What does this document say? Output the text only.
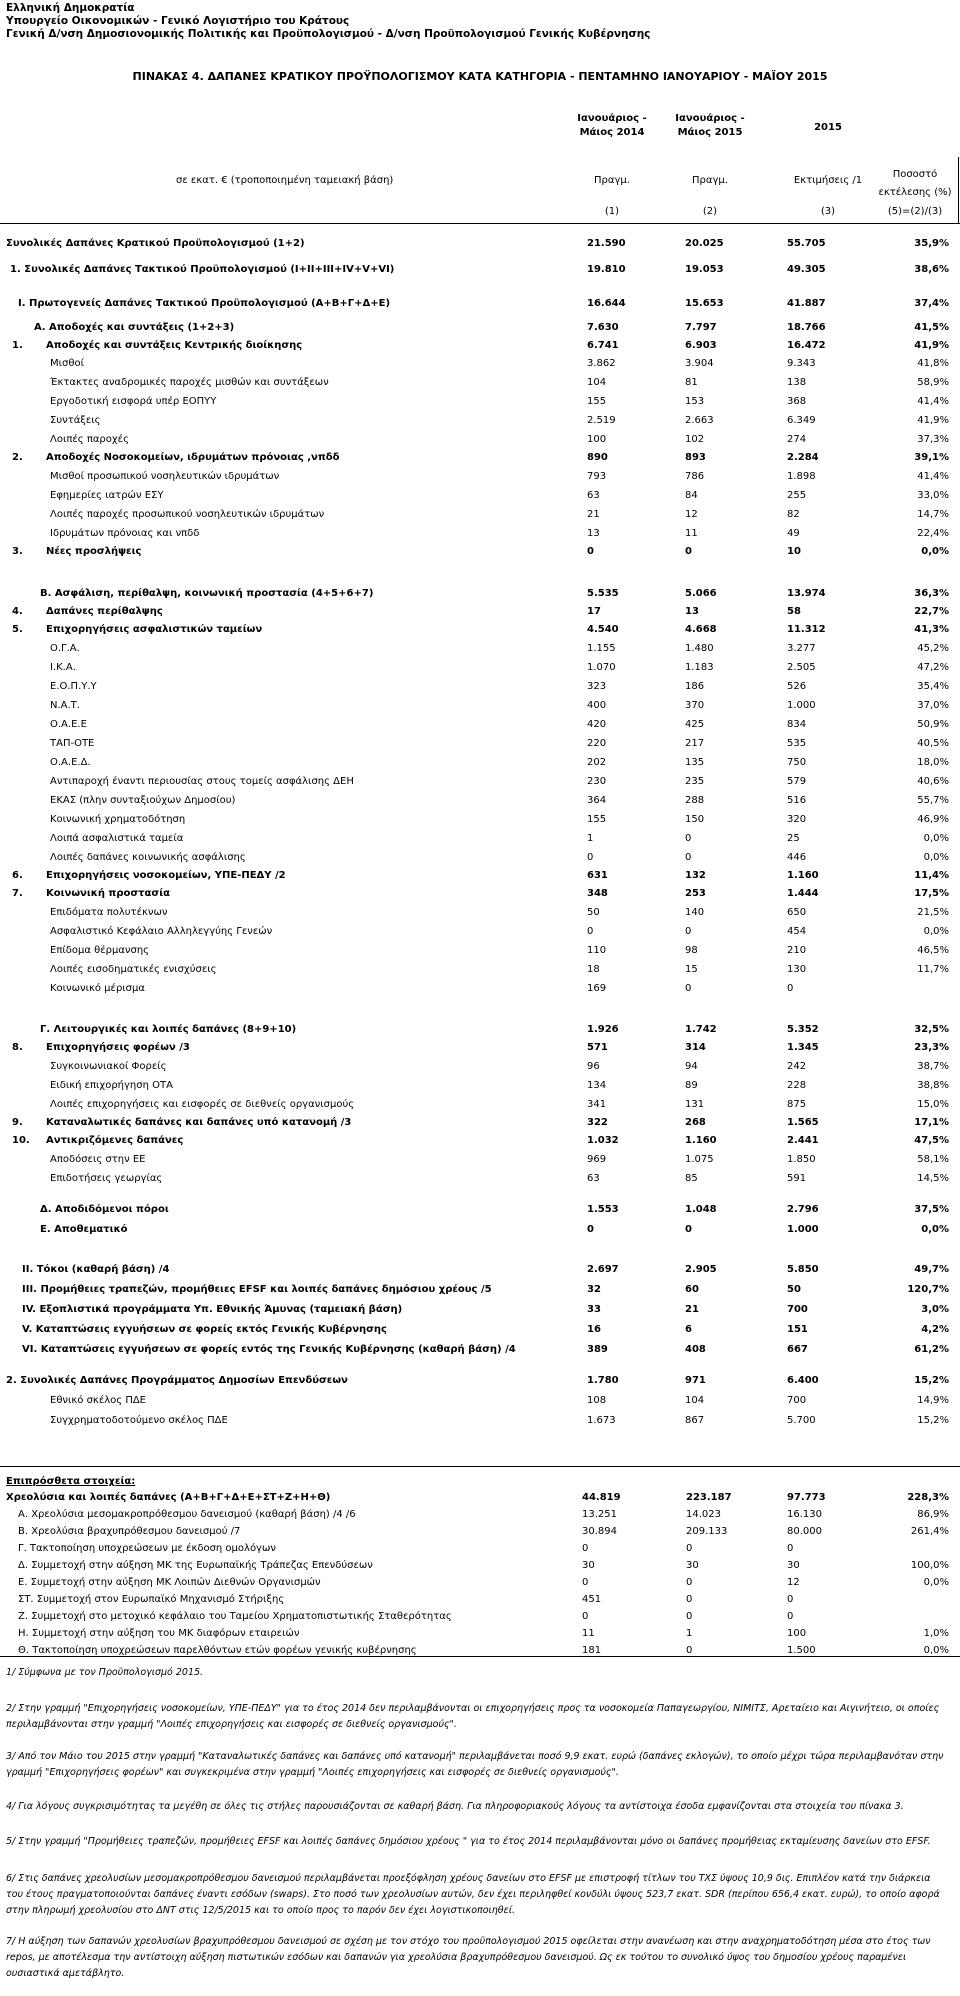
Ελληνική Δημοκρατία
Υπουργείο Οικονομικών - Γενικό Λογιστήριο του Κράτους
Γενική Δ/νση Δημοσιονομικής Πολιτικής και Προϋπολογισμού - Δ/νση Προϋπολογισμού Γενικής Κυβέρνησης
ΠΙΝΑΚΑΣ 4. ΔΑΠΑΝΕΣ ΚΡΑΤΙΚΟΥ ΠΡΟΫΠΟΛΟΓΙΣΜΟΥ ΚΑΤΑ ΚΑΤΗΓΟΡΙΑ - ΠΕΝΤΑΜΗΝΟ ΙΑΝΟΥΑΡΙΟΥ - ΜΑΪΟΥ 2015
Ιανουάριος -
Μάιος 2014
Ιανουάριος -
Μάιος 2015	2015
σε εκατ. € (τροποποιημένη ταμειακή βάση)	Πραγμ.	Πραγμ.	Εκτιμήσεις /1
Ποσοστό
εκτέλεσης (%)
(1)	(2)	(3)	(5)=(2)/(3)
Συνολικές Δαπάνες Κρατικού Προϋπολογισμού (1+2)	21.590	20.025	55.705	35,9%
1. Συνολικές Δαπάνες Τακτικού Προϋπολογισμού (I+II+III+IV+V+VI)	19.810	19.053	49.305	38,6%
I. Πρωτογενείς Δαπάνες Τακτικού Προϋπολογισμού (Α+Β+Γ+Δ+Ε)	16.644	15.653	41.887	37,4%
Α. Αποδοχές και συντάξεις (1+2+3)	7.630	7.797	18.766	41,5%
1. Αποδοχές και συντάξεις Κεντρικής διοίκησης	6.741	6.903	16.472	41,9%
Μισθοί	3.862	3.904	9.343	41,8%
Έκτακτες αναδρομικές παροχές μισθών και συντάξεων	104	81	138	58,9%
Εργοδοτική εισφορά υπέρ ΕΟΠΥΥ	155	153	368	41,4%
Συντάξεις	2.519	2.663	6.349	41,9%
Λοιπές παροχές	100	102	274	37,3%
2. Αποδοχές Νοσοκομείων, ιδρυμάτων πρόνοιας ,νπδδ	890	893	2.284	39,1%
Μισθοί προσωπικού νοσηλευτικών ιδρυμάτων	793	786	1.898	41,4%
Εφημερίες ιατρών ΕΣΥ	63	84	255	33,0%
Λοιπές παροχές προσωπικού νοσηλευτικών ιδρυμάτων	21	12	82	14,7%
Ιδρυμάτων πρόνοιας και νπδδ	13	11	49	22,4%
3. Νέες προσλήψεις	0	0	10	0,0%
Β. Ασφάλιση, περίθαλψη, κοινωνική προστασία (4+5+6+7)	5.535	5.066	13.974	36,3%
4. Δαπάνες περίθαλψης	17	13	58	22,7%
5. Επιχορηγήσεις ασφαλιστικών ταμείων	4.540	4.668	11.312	41,3%
Ο.Γ.Α.	1.155	1.480	3.277	45,2%
Ι.Κ.Α.	1.070	1.183	2.505	47,2%
Ε.Ο.Π.Υ.Υ	323	186	526	35,4%
Ν.Α.Τ.	400	370	1.000	37,0%
Ο.Α.Ε.Ε	420	425	834	50,9%
ΤΑΠ-ΟΤΕ	220	217	535	40,5%
Ο.Α.Ε.Δ.	202	135	750	18,0%
Αντιπαροχή έναντι περιουσίας στους τομείς ασφάλισης ΔΕΗ	230	235	579	40,6%
ΕΚΑΣ (πλην συνταξιούχων Δημοσίου)	364	288	516	55,7%
Κοινωνική χρηματοδότηση	155	150	320	46,9%
Λοιπά ασφαλιστικά ταμεία	1	0	25	0,0%
Λοιπές δαπάνες κοινωνικής ασφάλισης	0	0	446	0,0%
6. Επιχορηγήσεις νοσοκομείων, ΥΠΕ-ΠΕΔΥ /2	631	132	1.160	11,4%
7. Κοινωνική προστασία	348	253	1.444	17,5%
Επιδόματα πολυτέκνων	50	140	650	21,5%
Ασφαλιστικό Κεφάλαιο Αλληλεγγύης Γενεών	0	0	454	0,0%
Επίδομα θέρμανσης	110	98	210	46,5%
Λοιπές εισοδηματικές ενισχύσεις	18	15	130	11,7%
Κοινωνικό μέρισμα	169	0	0
Γ. Λειτουργικές και λοιπές δαπάνες (8+9+10)	1.926	1.742	5.352	32,5%
8. Επιχορηγήσεις φορέων /3	571	314	1.345	23,3%
Συγκοινωνιακοί Φορείς	96	94	242	38,7%
Ειδική επιχορήγηση ΟΤΑ	134	89	228	38,8%
Λοιπές επιχορηγήσεις και εισφορές σε διεθνείς οργανισμούς	341	131	875	15,0%
9. Καταναλωτικές δαπάνες και δαπάνες υπό κατανομή /3	322	268	1.565	17,1%
10. Αντικριζόμενες δαπάνες	1.032	1.160	2.441	47,5%
Αποδόσεις στην ΕΕ	969	1.075	1.850	58,1%
Επιδοτήσεις γεωργίας	63	85	591	14,5%
Δ. Αποδιδόμενοι πόροι	1.553	1.048	2.796	37,5%
Ε. Αποθεματικό	0	0	1.000	0,0%
II. Τόκοι (καθαρή βάση) /4	2.697	2.905	5.850	49,7%
III. Προμήθειες τραπεζών, προμήθειες EFSF και λοιπές δαπάνες δημόσιου χρέους /5	32	60	50	120,7%
IV. Εξοπλιστικά προγράμματα Υπ. Εθνικής Άμυνας (ταμειακή βάση)	33	21	700	3,0%
V. Καταπτώσεις εγγυήσεων σε φορείς εκτός Γενικής Κυβέρνησης	16	6	151	4,2%
VI. Καταπτώσεις εγγυήσεων σε φορείς εντός της Γενικής Κυβέρνησης (καθαρή βάση) /4	389	408	667	61,2%
2. Συνολικές Δαπάνες Προγράμματος Δημοσίων Επενδύσεων	1.780	971	6.400	15,2%
Εθνικό σκέλος ΠΔΕ	108	104	700	14,9%
Συγχρηματοδοτούμενο σκέλος ΠΔΕ	1.673	867	5.700	15,2%
Επιπρόσθετα στοιχεία:
Χρεολύσια και λοιπές δαπάνες (Α+Β+Γ+Δ+Ε+ΣΤ+Ζ+Η+Θ)	44.819	223.187	97.773	228,3%
Α. Χρεολύσια μεσομακροπρόθεσμου δανεισμού (καθαρή βάση) /4 /6	13.251	14.023	16.130	86,9%
Β. Χρεολύσια βραχυπρόθεσμου δανεισμού /7	30.894	209.133	80.000	261,4%
Γ. Τακτοποίηση υποχρεώσεων με έκδοση ομολόγων	0	0	0
Δ. Συμμετοχή στην αύξηση ΜΚ της Ευρωπαϊκής Τράπεζας Επενδύσεων	30	30	30	100,0%
Ε. Συμμετοχή στην αύξηση ΜΚ Λοιπών Διεθνών Οργανισμών	0	0	12	0,0%
ΣΤ. Συμμετοχή στον Ευρωπαϊκό Μηχανισμό Στήριξης	451	0	0
Ζ. Συμμετοχή στο μετοχικό κεφάλαιο του Ταμείου Χρηματοπιστωτικής Σταθερότητας	0	0	0
Η. Συμμετοχή στην αύξηση του ΜΚ διαφόρων εταιρειών	11	1	100	1,0%
Θ. Τακτοποίηση υποχρεώσεων παρελθόντων ετών φορέων γενικής κυβέρνησης	181	0	1.500	0,0%
1/ Σύμφωνα με τον Προϋπολογισμό 2015.
2/ Στην γραμμή "Επιχορηγήσεις νοσοκομείων, ΥΠΕ-ΠΕΔΥ" για το έτος 2014 δεν περιλαμβάνονται οι επιχορηγήσεις προς τα νοσοκομεία Παπαγεωργίου, ΝΙΜΙΤΣ, Αρεταίειο και Αιγινήτειο, οι οποίες περιλαμβάνονται στην γραμμή "Λοιπές επιχορηγήσεις και εισφορές σε διεθνείς οργανισμούς".
3/ Από τον Μάιο του 2015 στην γραμμή "Καταναλωτικές δαπάνες και δαπάνες υπό κατανομή" περιλαμβάνεται ποσό 9,9 εκατ. ευρώ (δαπάνες εκλογών), το οποίο μέχρι τώρα περιλαμβανόταν στην γραμμή "Επιχορηγήσεις φορέων" και συγκεκριμένα στην γραμμή "Λοιπές επιχορηγήσεις και εισφορές σε διεθνείς οργανισμούς".
4/ Για λόγους συγκρισιμότητας τα μεγέθη σε όλες τις στήλες παρουσιάζονται σε καθαρή βάση. Για πληροφοριακούς λόγους τα αντίστοιχα έσοδα εμφανίζονται στα στοιχεία του πίνακα 3.
5/ Στην γραμμή "Προμήθειες τραπεζών, προμήθειες EFSF και λοιπές δαπάνες δημόσιου χρέους " για το έτος 2014 περιλαμβάνονται μόνο οι δαπάνες προμήθειας εκταμίευσης δανείων στο EFSF.
6/ Στις δαπάνες χρεολυσίων μεσομακροπρόθεσμου δανεισμού περιλαμβάνεται προεξόφληση χρέους δανείων στο EFSF με επιστροφή τίτλων του ΤΧΣ ύψους 10,9 δις. Επιπλέον κατά την διάρκεια του έτους πραγματοποιούνται δαπάνες έναντι εσόδων (swaps). Στο ποσό των χρεολυσίων αυτών, δεν έχει περιληφθεί κονδύλι ύψους 523,7 εκατ. SDR (περίπου 656,4 εκατ. ευρώ), το οποίο αφορά στην πληρωμή χρεολυσίου στο ΔΝΤ στις 12/5/2015 και το οποίο προς το παρόν δεν έχει λογιστικοποιηθεί.
7/ Η αύξηση των δαπανών χρεολυσίων βραχυπρόθεσμου δανεισμού σε σχέση με τον στόχο του προϋπολογισμού 2015 οφείλεται στην ανανέωση και στην αναχρηματοδότηση μέσα στο έτος των repos, με αποτέλεσμα την αντίστοιχη αύξηση πιστωτικών εσόδων και δαπανών για χρεολύσια βραχυπρόθεσμου δανεισμού. Ως εκ τούτου το συνολικό ύψος του δημοσίου χρέους παραμένει ουσιαστικά αμετάβλητο.
